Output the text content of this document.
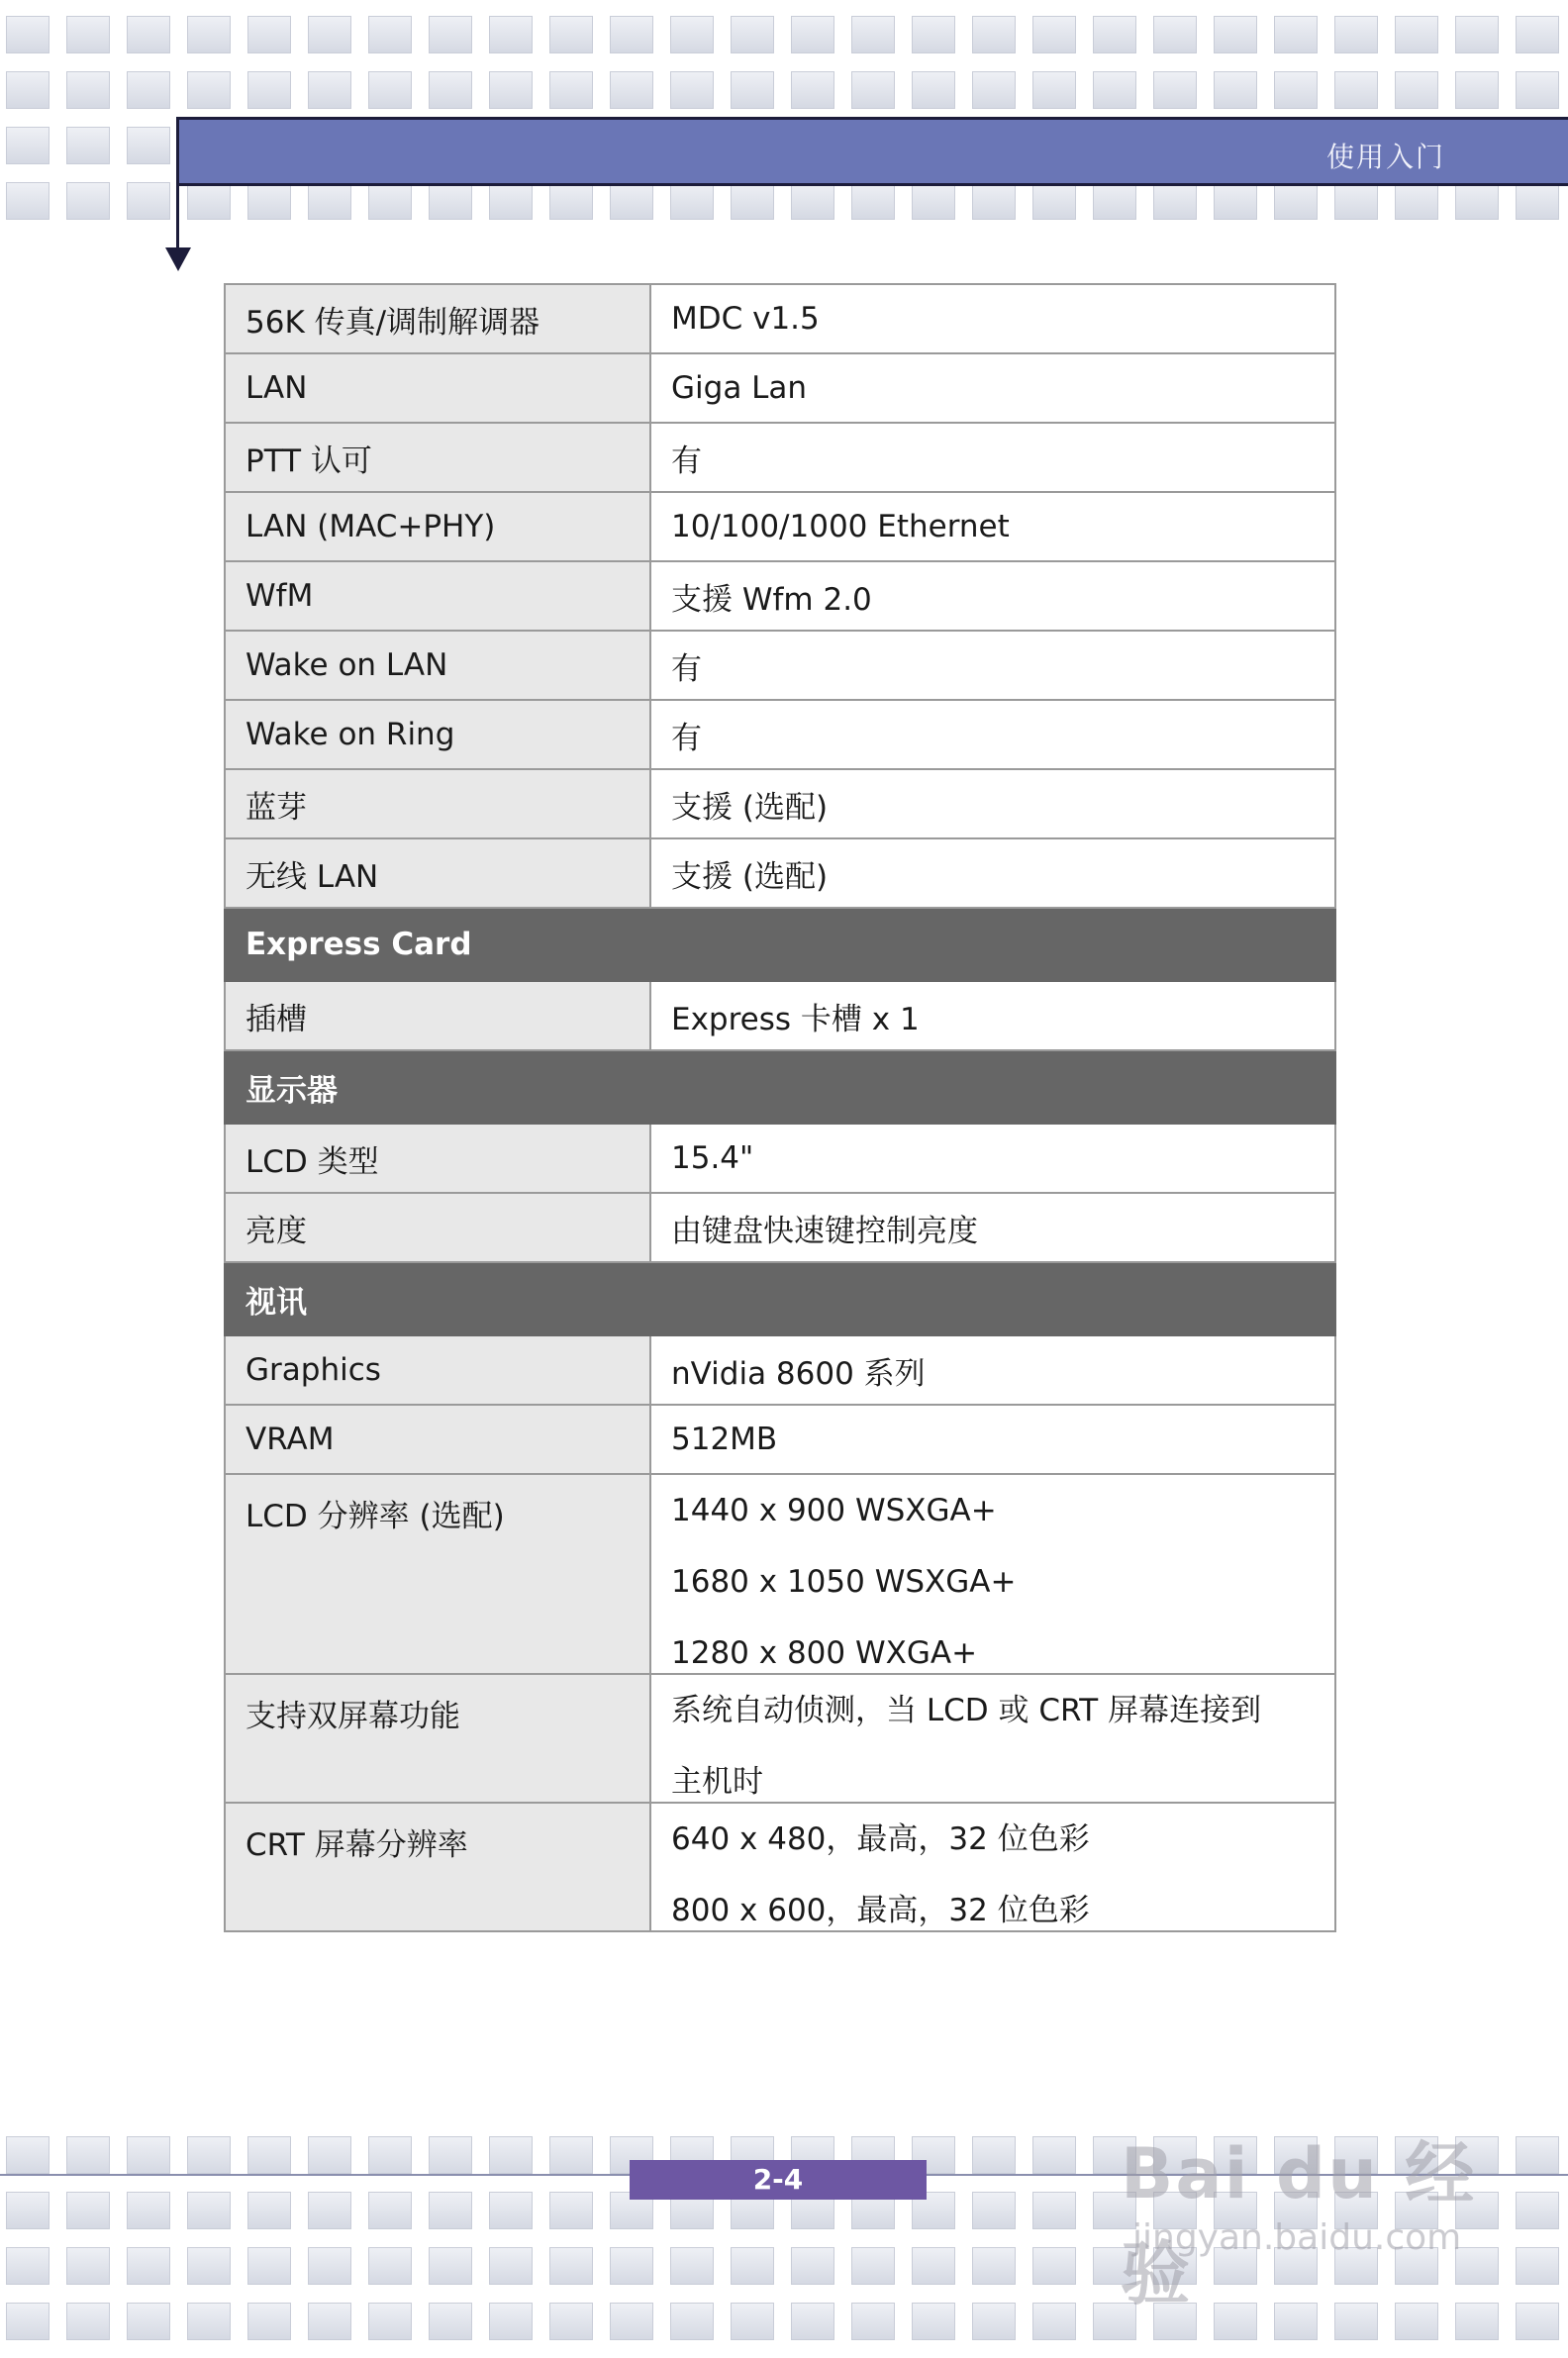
使用入门
56K 传真/调制解调器	MDC v1.5

LAN	Giga Lan

PTT 认可	有

LAN (MAC+PHY)	10/100/1000 Ethernet

WfM	支援 Wfm 2.0

Wake on LAN	有

Wake on Ring	有

蓝芽	支援 (选配)

无线 LAN	支援 (选配)

Express Card	
插槽	Express 卡槽 x 1

显示器	
LCD 类型	15.4"

亮度	由键盘快速键控制亮度

视讯	
Graphics	nVidia 8600 系列

VRAM	512MB

LCD 分辨率 (选配)	1440 x 900 WSXGA+
1680 x 1050 WSXGA+
1280 x 800 WXGA+

支持双屏幕功能	系统自动侦测，当 LCD 或 CRT 屏幕连接到
主机时

CRT 屏幕分辨率	640 x 480，最高，32 位色彩
800 x 600，最高，32 位色彩
2-4	Bai du 经验
jingyan.baidu.com
